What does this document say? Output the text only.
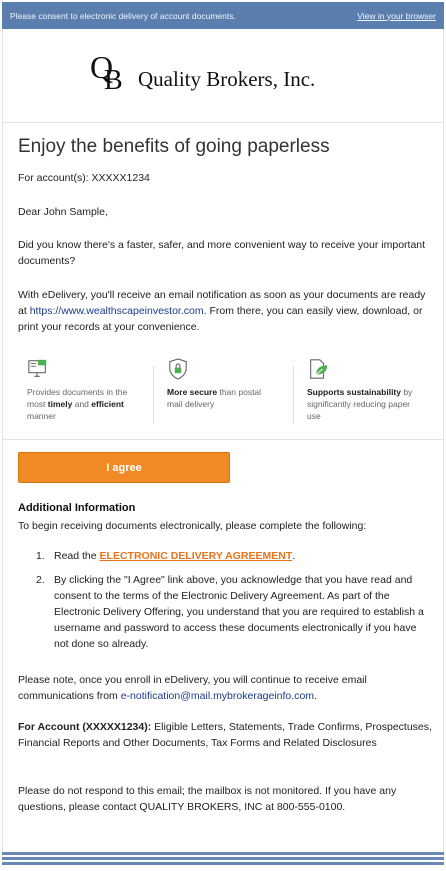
Please consent to electronic delivery of account documents.	View in your browser
Q
B Quality Brokers, Inc.
Enjoy the benefits of going paperless
For account(s): XXXXX1234
Dear John Sample,
Did you know there's a faster, safer, and more convenient way to receive your important documents?
With eDelivery, you'll receive an email notification as soon as your documents are ready at https://www.wealthscapeinvestor.com. From there, you can easily view, download, or print your records at your convenience.
Provides documents in the most timely and efficient manner
More secure than postal mail delivery
Supports sustainability by significantly reducing paper use
I agree
Additional Information
To begin receiving documents electronically, please complete the following:
1. Read the ELECTRONIC DELIVERY AGREEMENT.
2. By clicking the "I Agree" link above, you acknowledge that you have read and consent to the terms of the Electronic Delivery Agreement. As part of the Electronic Delivery Offering, you understand that you are required to establish a username and password to access these documents electronically if you have not done so already.
Please note, once you enroll in eDelivery, you will continue to receive email communications from e-notification@mail.mybrokerageinfo.com.
For Account (XXXXX1234): Eligible Letters, Statements, Trade Confirms, Prospectuses, Financial Reports and Other Documents, Tax Forms and Related Disclosures
Please do not respond to this email; the mailbox is not monitored. If you have any questions, please contact QUALITY BROKERS, INC at 800-555-0100.
